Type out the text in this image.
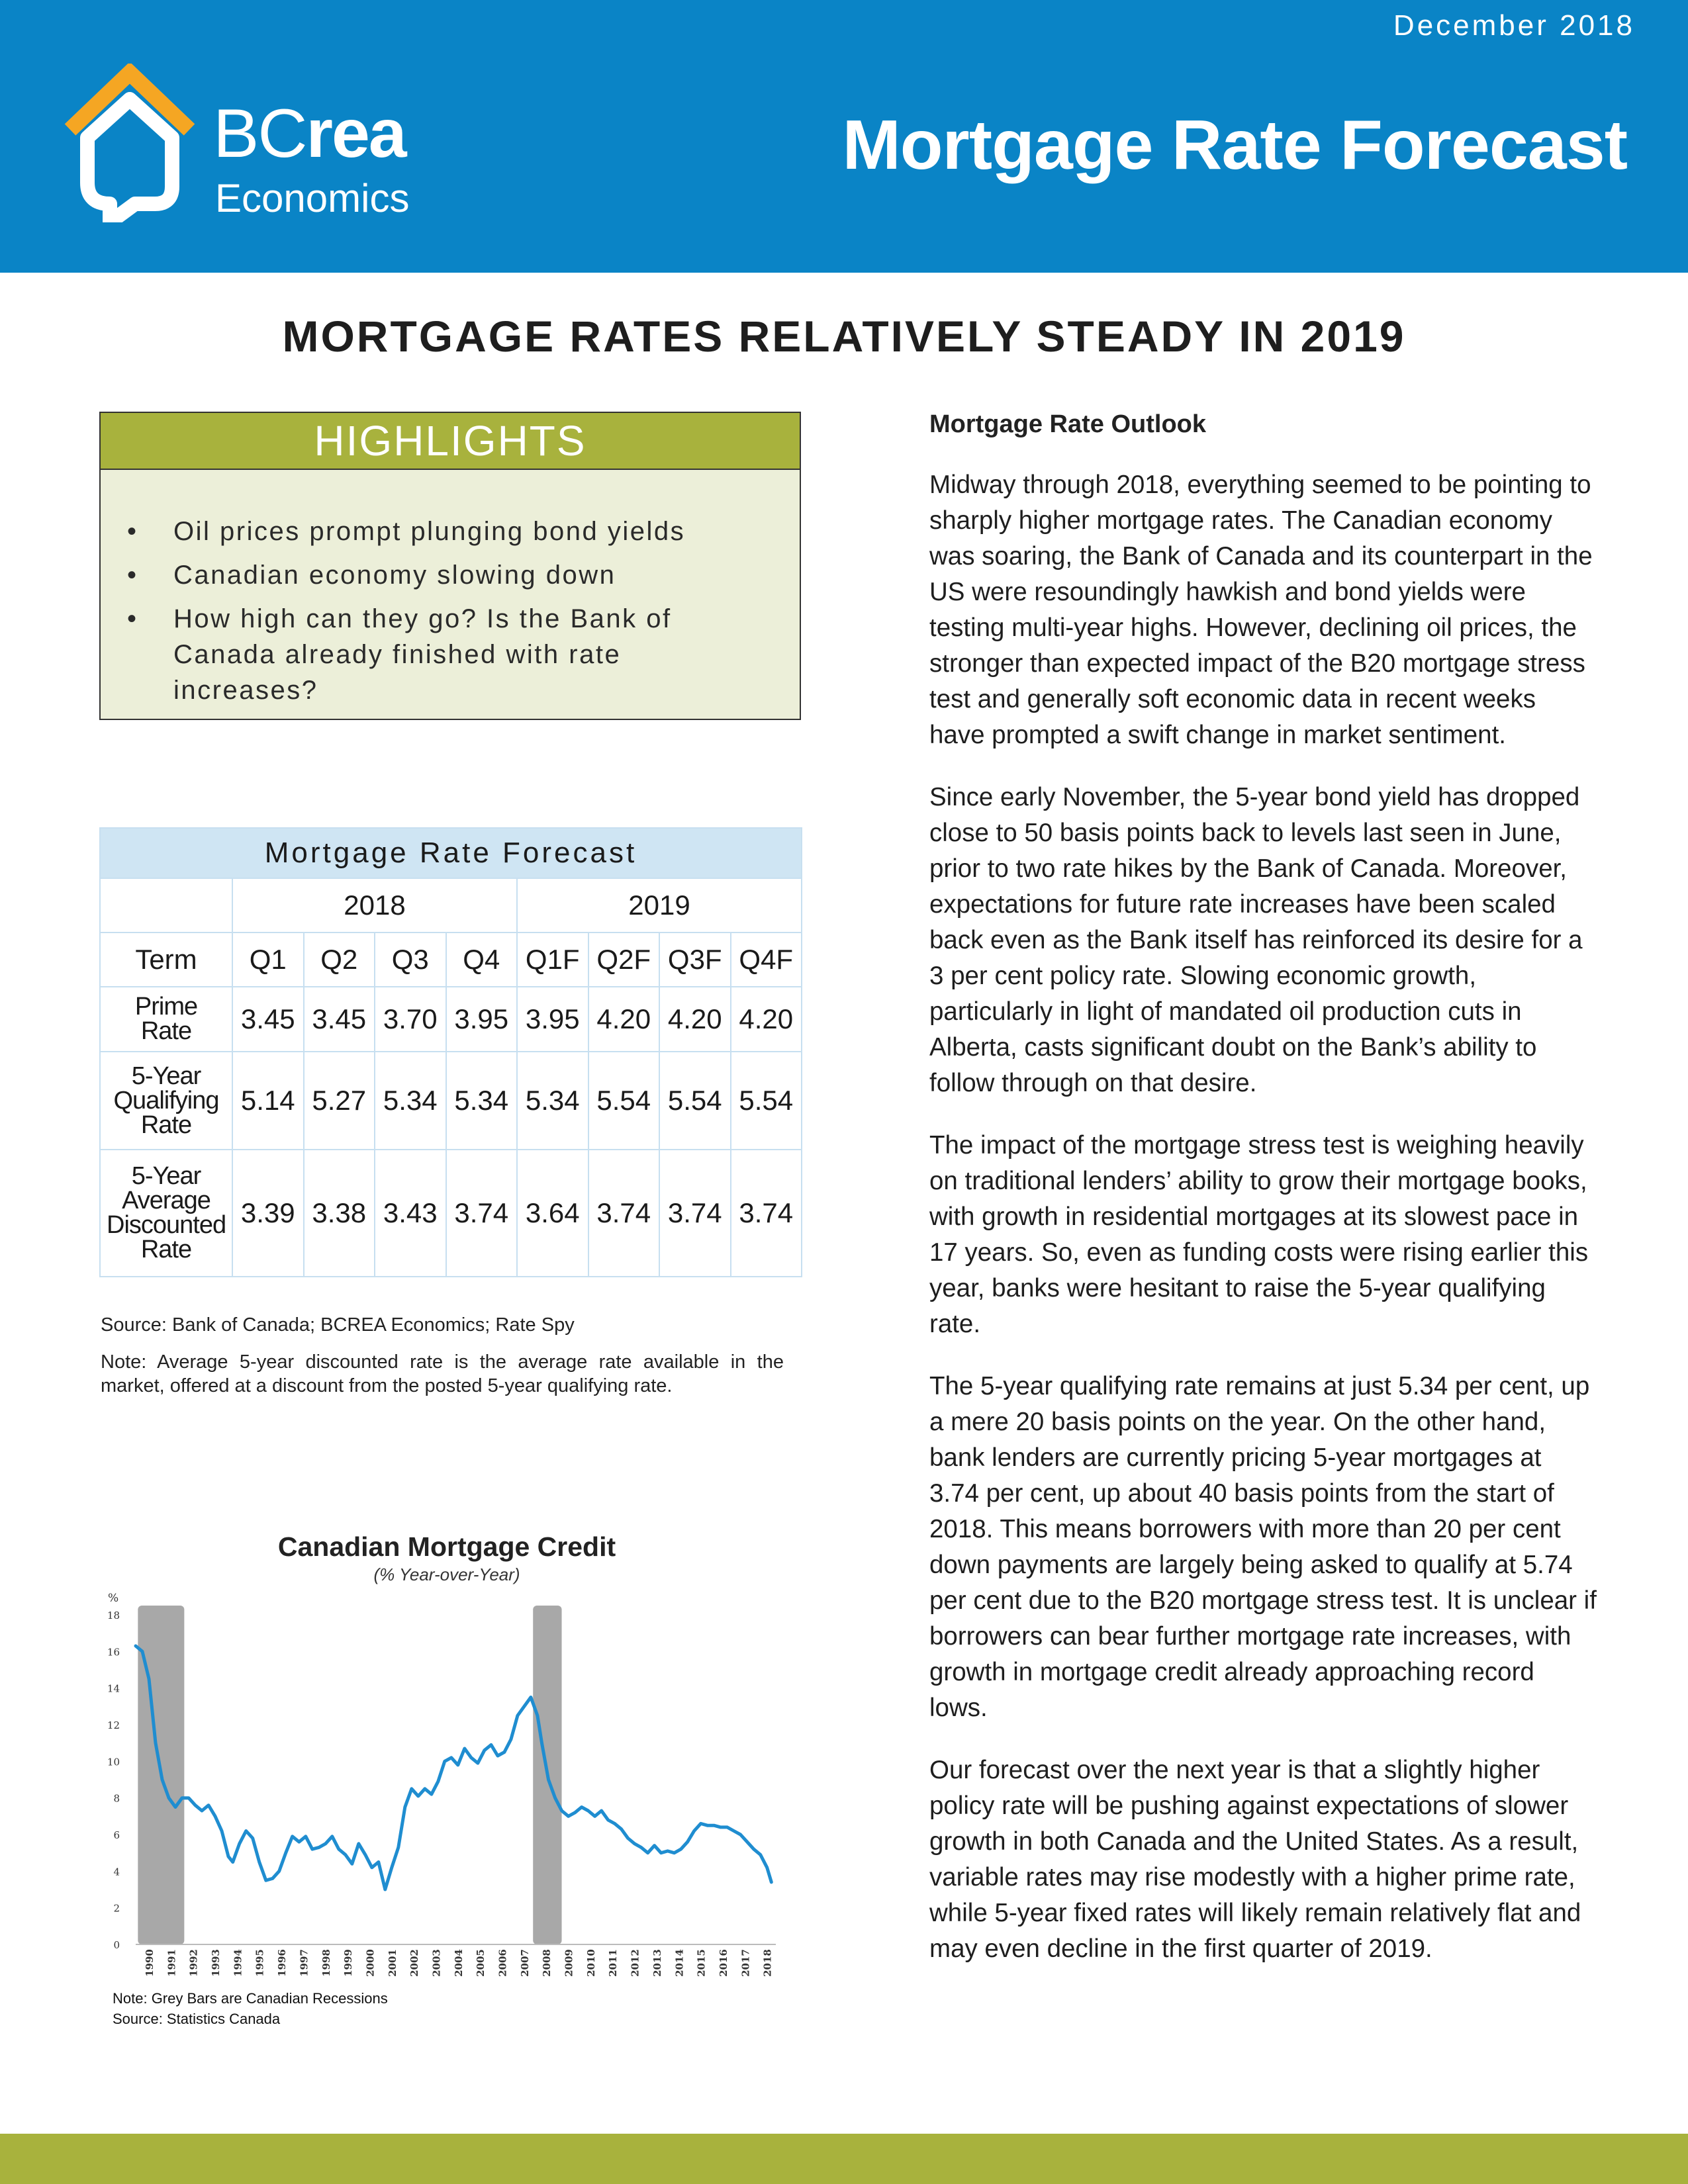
December 2018
BCrea
Economics
Mortgage Rate Forecast
MORTGAGE RATES RELATIVELY STEADY IN 2019
HIGHLIGHTS
• Oil prices prompt plunging bond yields
• Canadian economy slowing down
• How high can they go? Is the Bank of Canada already finished with rate increases?
Mortgage Rate Forecast								
	2018				2019			
Term	Q1	Q2	Q3	Q4	Q1F	Q2F	Q3F	Q4F

Prime Rate	3.45	3.45	3.70	3.95	3.95	4.20	4.20	4.20

5-Year Qualifying Rate	5.14	5.27	5.34	5.34	5.34	5.54	5.54	5.54

5-Year Average Discounted Rate	3.39	3.38	3.43	3.74	3.64	3.74	3.74	3.74
Source: Bank of Canada; BCREA Economics; Rate Spy
Note: Average 5-year discounted rate is the average rate available in the market, offered at a discount from the posted 5-year qualifying rate.
Canadian Mortgage Credit
(% Year-over-Year)
0
2
4
6
8
10
12
14
16
18
%
1990 1991 1992 1993 1994 1995 1996 1997 1998 1999 2000 2001 2002 2003 2004 2005 2006 2007 2008 2009 2010 2011 2012 2013 2014 2015 2016 2017 2018
Note: Grey Bars are Canadian Recessions
Source: Statistics Canada
Mortgage Rate Outlook

Midway through 2018, everything seemed to be pointing to sharply higher mortgage rates. The Canadian economy was soaring, the Bank of Canada and its counterpart in the US were resoundingly hawkish and bond yields were testing multi-year highs. However, declining oil prices, the stronger than expected impact of the B20 mortgage stress test and generally soft economic data in recent weeks have prompted a swift change in market sentiment.

Since early November, the 5-year bond yield has dropped close to 50 basis points back to levels last seen in June, prior to two rate hikes by the Bank of Canada. Moreover, expectations for future rate increases have been scaled back even as the Bank itself has reinforced its desire for a 3 per cent policy rate. Slowing economic growth, particularly in light of mandated oil production cuts in Alberta, casts significant doubt on the Bank’s ability to follow through on that desire.

The impact of the mortgage stress test is weighing heavily on traditional lenders’ ability to grow their mortgage books, with growth in residential mortgages at its slowest pace in 17 years. So, even as funding costs were rising earlier this year, banks were hesitant to raise the 5-year qualifying rate.

The 5-year qualifying rate remains at just 5.34 per cent, up a mere 20 basis points on the year. On the other hand, bank lenders are currently pricing 5-year mortgages at 3.74 per cent, up about 40 basis points from the start of 2018. This means borrowers with more than 20 per cent down payments are largely being asked to qualify at 5.74 per cent due to the B20 mortgage stress test. It is unclear if borrowers can bear further mortgage rate increases, with growth in mortgage credit already approaching record lows.

Our forecast over the next year is that a slightly higher policy rate will be pushing against expectations of slower growth in both Canada and the United States. As a result, variable rates may rise modestly with a higher prime rate, while 5-year fixed rates will likely remain relatively flat and may even decline in the first quarter of 2019.
